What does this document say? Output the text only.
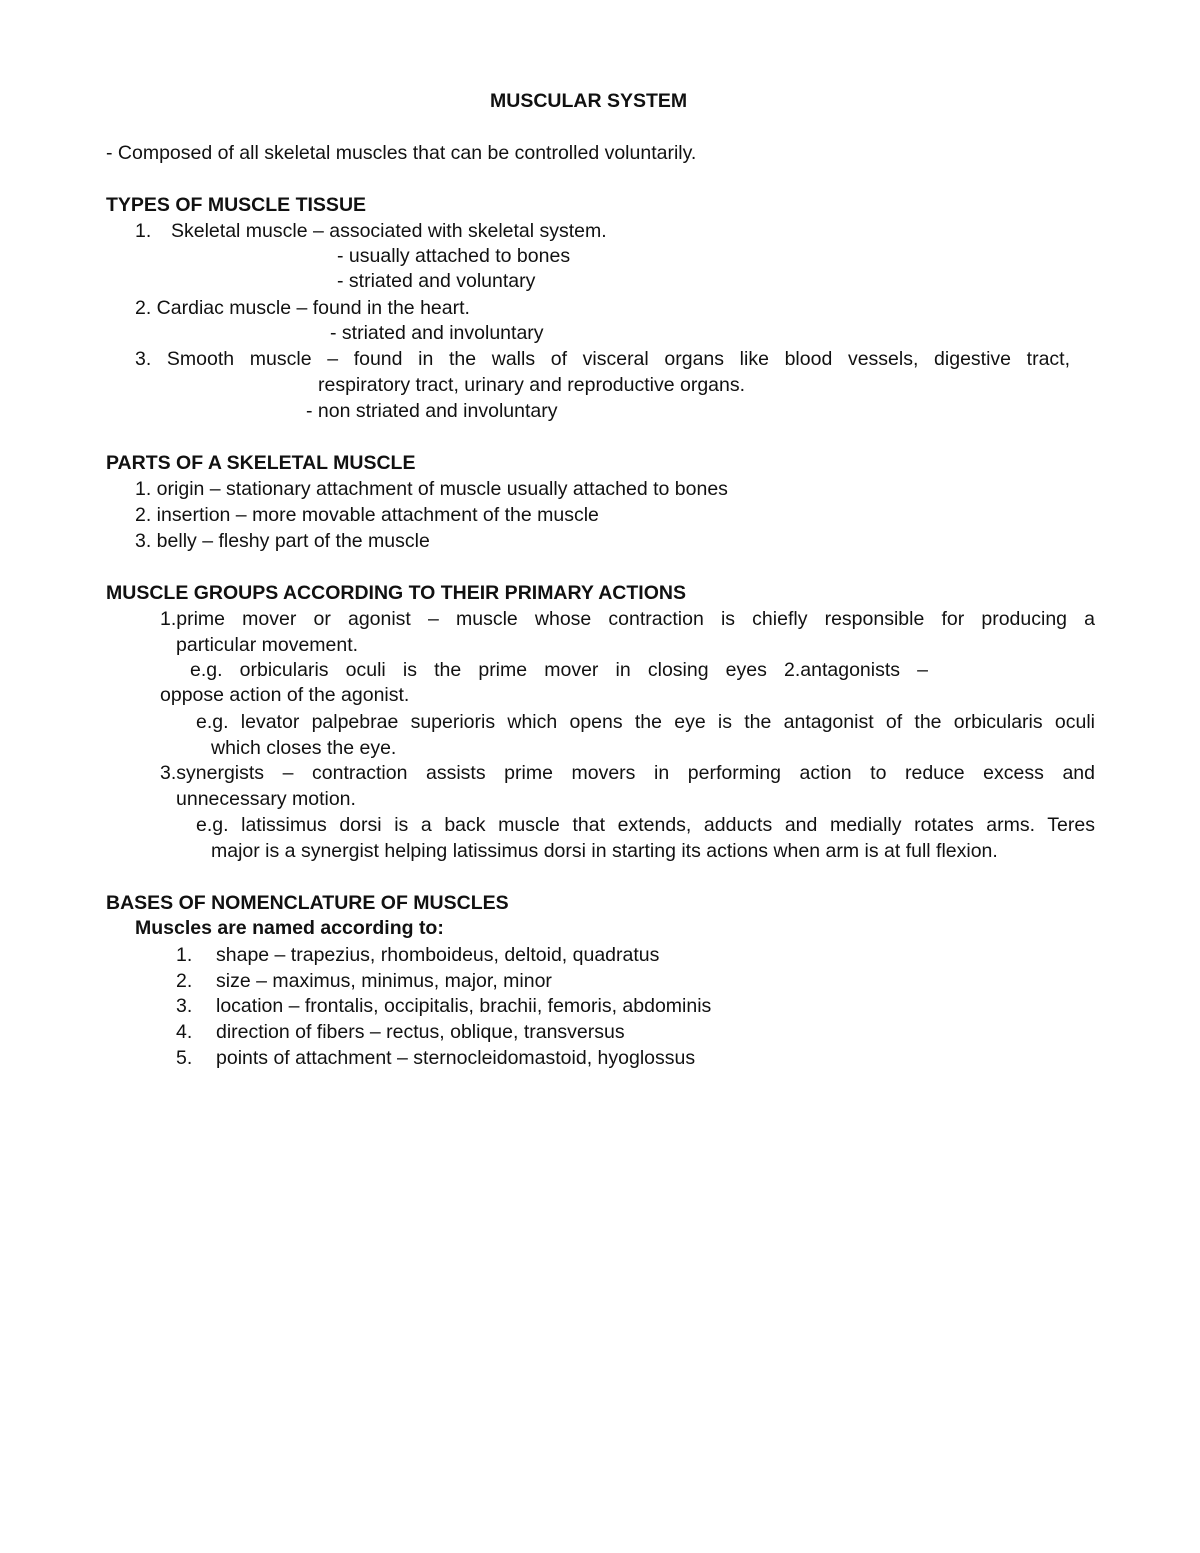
MUSCULAR SYSTEM
- Composed of all skeletal muscles that can be controlled voluntarily.
TYPES OF MUSCLE TISSUE
1. Skeletal muscle – associated with skeletal system.
- usually attached to bones
- striated and voluntary
2. Cardiac muscle – found in the heart.
- striated and involuntary
3. Smooth muscle – found in the walls of visceral organs like blood vessels, digestive tract,
respiratory tract, urinary and reproductive organs.
- non striated and involuntary
PARTS OF A SKELETAL MUSCLE
1. origin – stationary attachment of muscle usually attached to bones
2. insertion – more movable attachment of the muscle
3. belly – fleshy part of the muscle
MUSCLE GROUPS ACCORDING TO THEIR PRIMARY ACTIONS
1.prime mover or agonist – muscle whose contraction is chiefly responsible for producing a
particular movement.
e.g. orbicularis oculi is the prime mover in closing eyes 2.antagonists –
oppose action of the agonist.
e.g. levator palpebrae superioris which opens the eye is the antagonist of the orbicularis oculi
which closes the eye.
3.synergists – contraction assists prime movers in performing action to reduce excess and
unnecessary motion.
e.g. latissimus dorsi is a back muscle that extends, adducts and medially rotates arms. Teres
major is a synergist helping latissimus dorsi in starting its actions when arm is at full flexion.
BASES OF NOMENCLATURE OF MUSCLES
Muscles are named according to:
1. shape – trapezius, rhomboideus, deltoid, quadratus
2. size – maximus, minimus, major, minor
3. location – frontalis, occipitalis, brachii, femoris, abdominis
4. direction of fibers – rectus, oblique, transversus
5. points of attachment – sternocleidomastoid, hyoglossus
